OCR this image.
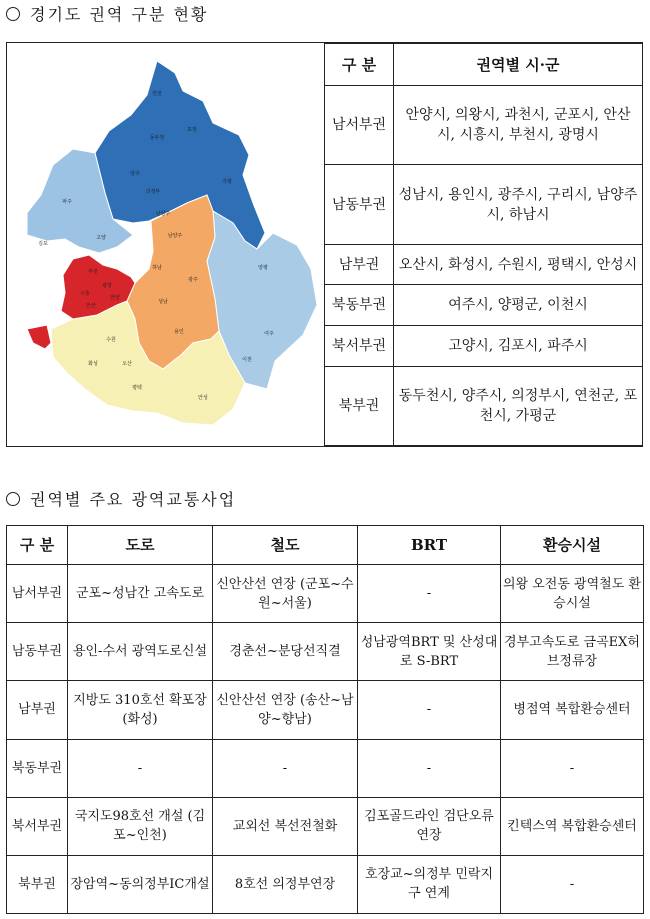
경기도 권역 구분 현황
연천
포천
가평
동두천
양주
의정부
남양주
파주
고양
김포
남양주
하남
광주
성남
용인
양평
여주
이천
수원
화성	오산
평택
안성
부천
광명
시흥
안양
안산
구 분	권역별 시·군
남서부권	안양시, 의왕시, 과천시, 군포시, 안산시, 시흥시, 부천시, 광명시
남동부권	성남시, 용인시, 광주시, 구리시, 남양주시, 하남시
남부권	오산시, 화성시, 수원시, 평택시, 안성시
북동부권	여주시, 양평군, 이천시
북서부권	고양시, 김포시, 파주시
북부권	동두천시, 양주시, 의정부시, 연천군, 포천시, 가평군
권역별 주요 광역교통사업
구 분	도로	철도	BRT	환승시설
남서부권	군포~성남간 고속도로	신안산선 연장 (군포~수원~서울)	-	의왕 오전동 광역철도 환승시설
남동부권	용인-수서 광역도로신설	경춘선~분당선직결	성남광역BRT 및 산성대로 S-BRT	경부고속도로 금곡EX허브정류장
남부권	지방도 310호선 확포장(화성)	신안산선 연장 (송산~남양~향남)	-	병점역 복합환승센터
북동부권	-	-	-	-
북서부권	국지도98호선 개설 (김포~인천)	교외선 복선전철화	김포골드라인 검단오류 연장	킨텍스역 복합환승센터
북부권	장암역~동의정부IC개설	8호선 의정부연장	호장교~의정부 민락지구 연계	-
